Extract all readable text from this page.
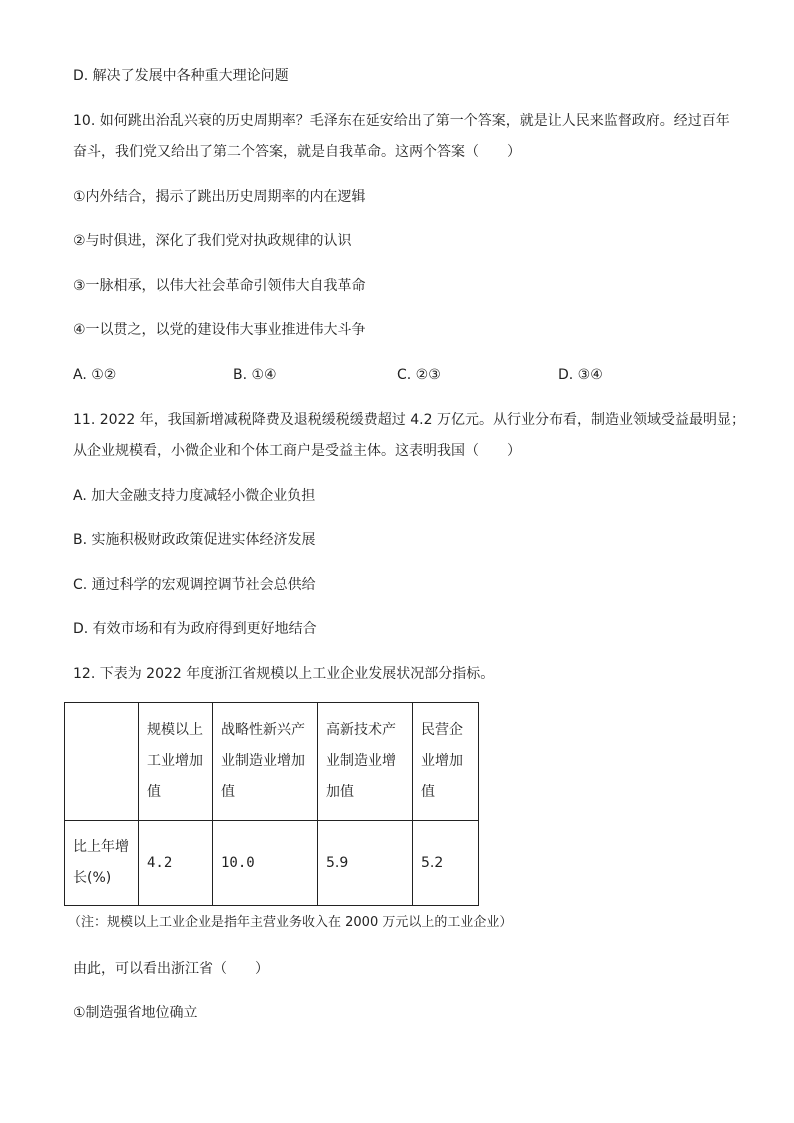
D. 解决了发展中各种重大理论问题
10. 如何跳出治乱兴衰的历史周期率？毛泽东在延安给出了第一个答案，就是让人民来监督政府。经过百年
奋斗，我们党又给出了第二个答案，就是自我革命。这两个答案（　　）
①内外结合，揭示了跳出历史周期率的内在逻辑
②与时俱进，深化了我们党对执政规律的认识
③一脉相承，以伟大社会革命引领伟大自我革命
④一以贯之，以党的建设伟大事业推进伟大斗争
A. ①②	B. ①④	C. ②③	D. ③④
11. 2022 年，我国新增减税降费及退税缓税缓费超过 4.2 万亿元。从行业分布看，制造业领域受益最明显；
从企业规模看，小微企业和个体工商户是受益主体。这表明我国（　　）
A. 加大金融支持力度减轻小微企业负担
B. 实施积极财政政策促进实体经济发展
C. 通过科学的宏观调控调节社会总供给
D. 有效市场和有为政府得到更好地结合
12. 下表为 2022 年度浙江省规模以上工业企业发展状况部分指标。
	规模以上工业增加值	战略性新兴产业制造业增加值	高新技术产业制造业增加值	民营企业增加值
比上年增长(%)	4.2	10.0	5.9	5.2
（注：规模以上工业企业是指年主营业务收入在 2000 万元以上的工业企业）
由此，可以看出浙江省（　　）
①制造强省地位确立
